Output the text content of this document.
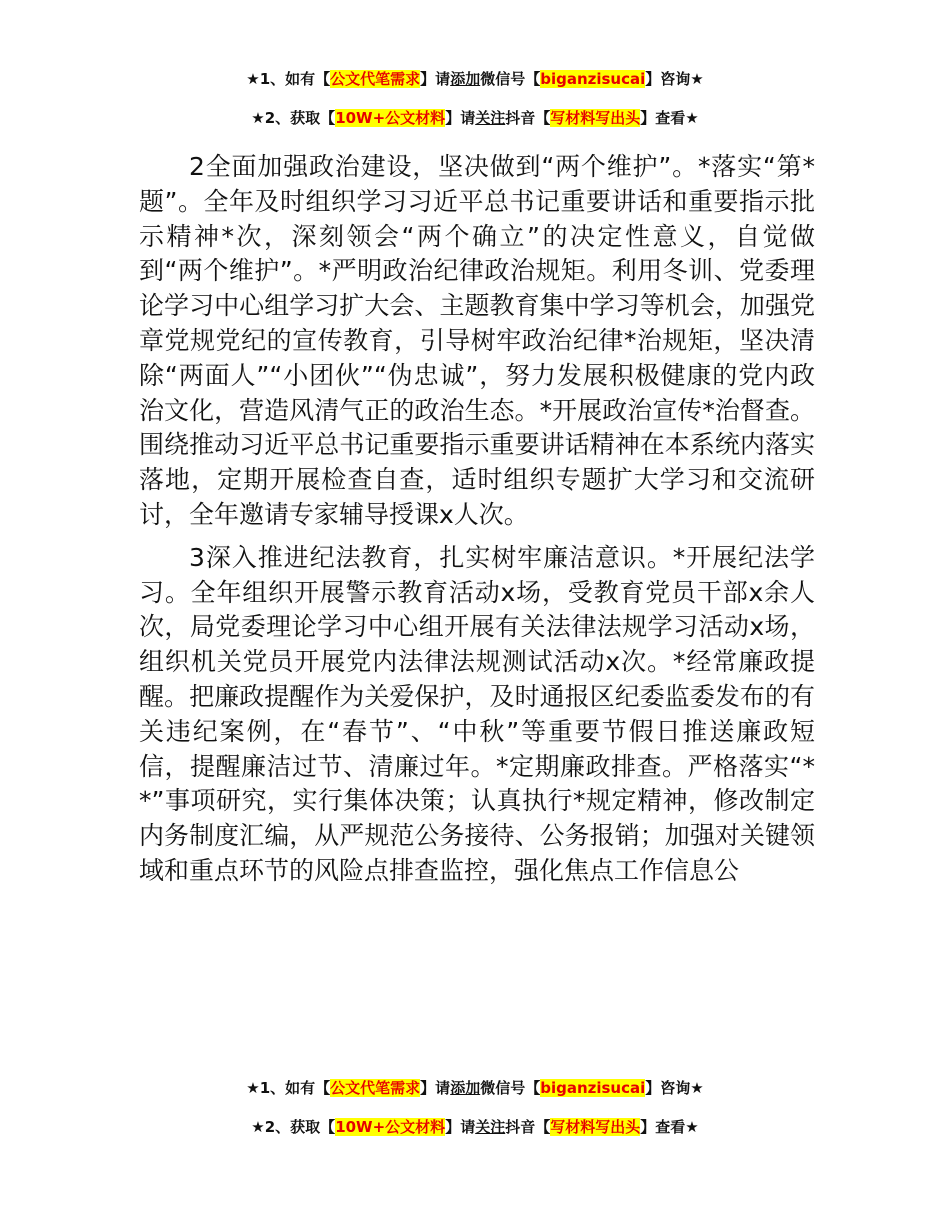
★1、如有【公文代笔需求】请添加微信号【biganzisucai】咨询★
★2、获取【10W+公文材料】请关注抖音【写材料写出头】查看★

2全面加强政治建设，坚决做到“两个维护”。*落实“第*题”。全年及时组织学习习近平总书记重要讲话和重要指示批示精神*次，深刻领会“两个确立”的决定性意义，自觉做到“两个维护”。*严明政治纪律政治规矩。利用冬训、党委理论学习中心组学习扩大会、主题教育集中学习等机会，加强党章党规党纪的宣传教育，引导树牢政治纪律*治规矩，坚决清除“两面人”“小团伙”“伪忠诚”，努力发展积极健康的党内政治文化，营造风清气正的政治生态。*开展政治宣传*治督查。围绕推动习近平总书记重要指示重要讲话精神在本系统内落实落地，定期开展检查自查，适时组织专题扩大学习和交流研讨，全年邀请专家辅导授课x人次。

3深入推进纪法教育，扎实树牢廉洁意识。*开展纪法学习。全年组织开展警示教育活动x场，受教育党员干部x余人次，局党委理论学习中心组开展有关法律法规学习活动x场，组织机关党员开展党内法律法规测试活动x次。*经常廉政提醒。把廉政提醒作为关爱保护，及时通报区纪委监委发布的有关违纪案例，在“春节”、“中秋”等重要节假日推送廉政短信，提醒廉洁过节、清廉过年。*定期廉政排查。严格落实“**”事项研究，实行集体决策；认真执行*规定精神，修改制定内务制度汇编，从严规范公务接待、公务报销；加强对关键领域和重点环节的风险点排查监控，强化焦点工作信息公

★1、如有【公文代笔需求】请添加微信号【biganzisucai】咨询★
★2、获取【10W+公文材料】请关注抖音【写材料写出头】查看★
